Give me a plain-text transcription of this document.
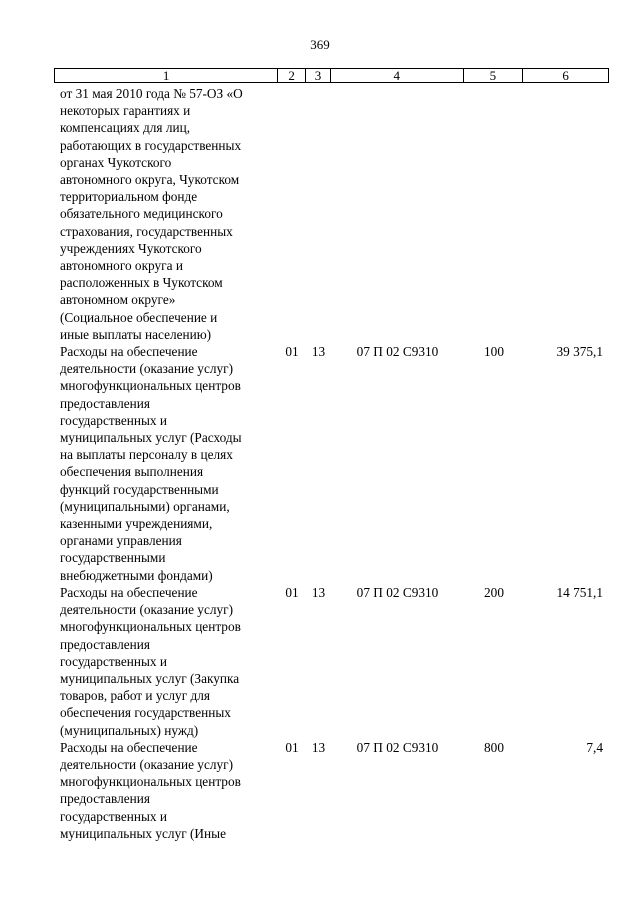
369
1	2	3	4	5	6
от 31 мая 2010 года № 57-ОЗ «О
некоторых гарантиях и
компенсациях для лиц,
работающих в государственных
органах Чукотского
автономного округа, Чукотском
территориальном фонде
обязательного медицинского
страхования, государственных
учреждениях Чукотского
автономного округа и
расположенных в Чукотском
автономном округе»
(Социальное обеспечение и
иные выплаты населению)
Расходы на обеспечение
деятельности (оказание услуг)
многофункциональных центров
предоставления
государственных и
муниципальных услуг (Расходы
на выплаты персоналу в целях
обеспечения выполнения
функций государственными
(муниципальными) органами,
казенными учреждениями,
органами управления
государственными
внебюджетными фондами)
01 13	07 П 02 С9310	100	39 375,1
Расходы на обеспечение
деятельности (оказание услуг)
многофункциональных центров
предоставления
государственных и
муниципальных услуг (Закупка
товаров, работ и услуг для
обеспечения государственных
(муниципальных) нужд)
01 13	07 П 02 С9310	200	14 751,1
Расходы на обеспечение
деятельности (оказание услуг)
многофункциональных центров
предоставления
государственных и
муниципальных услуг (Иные
01 13	07 П 02 С9310	800	7,4
